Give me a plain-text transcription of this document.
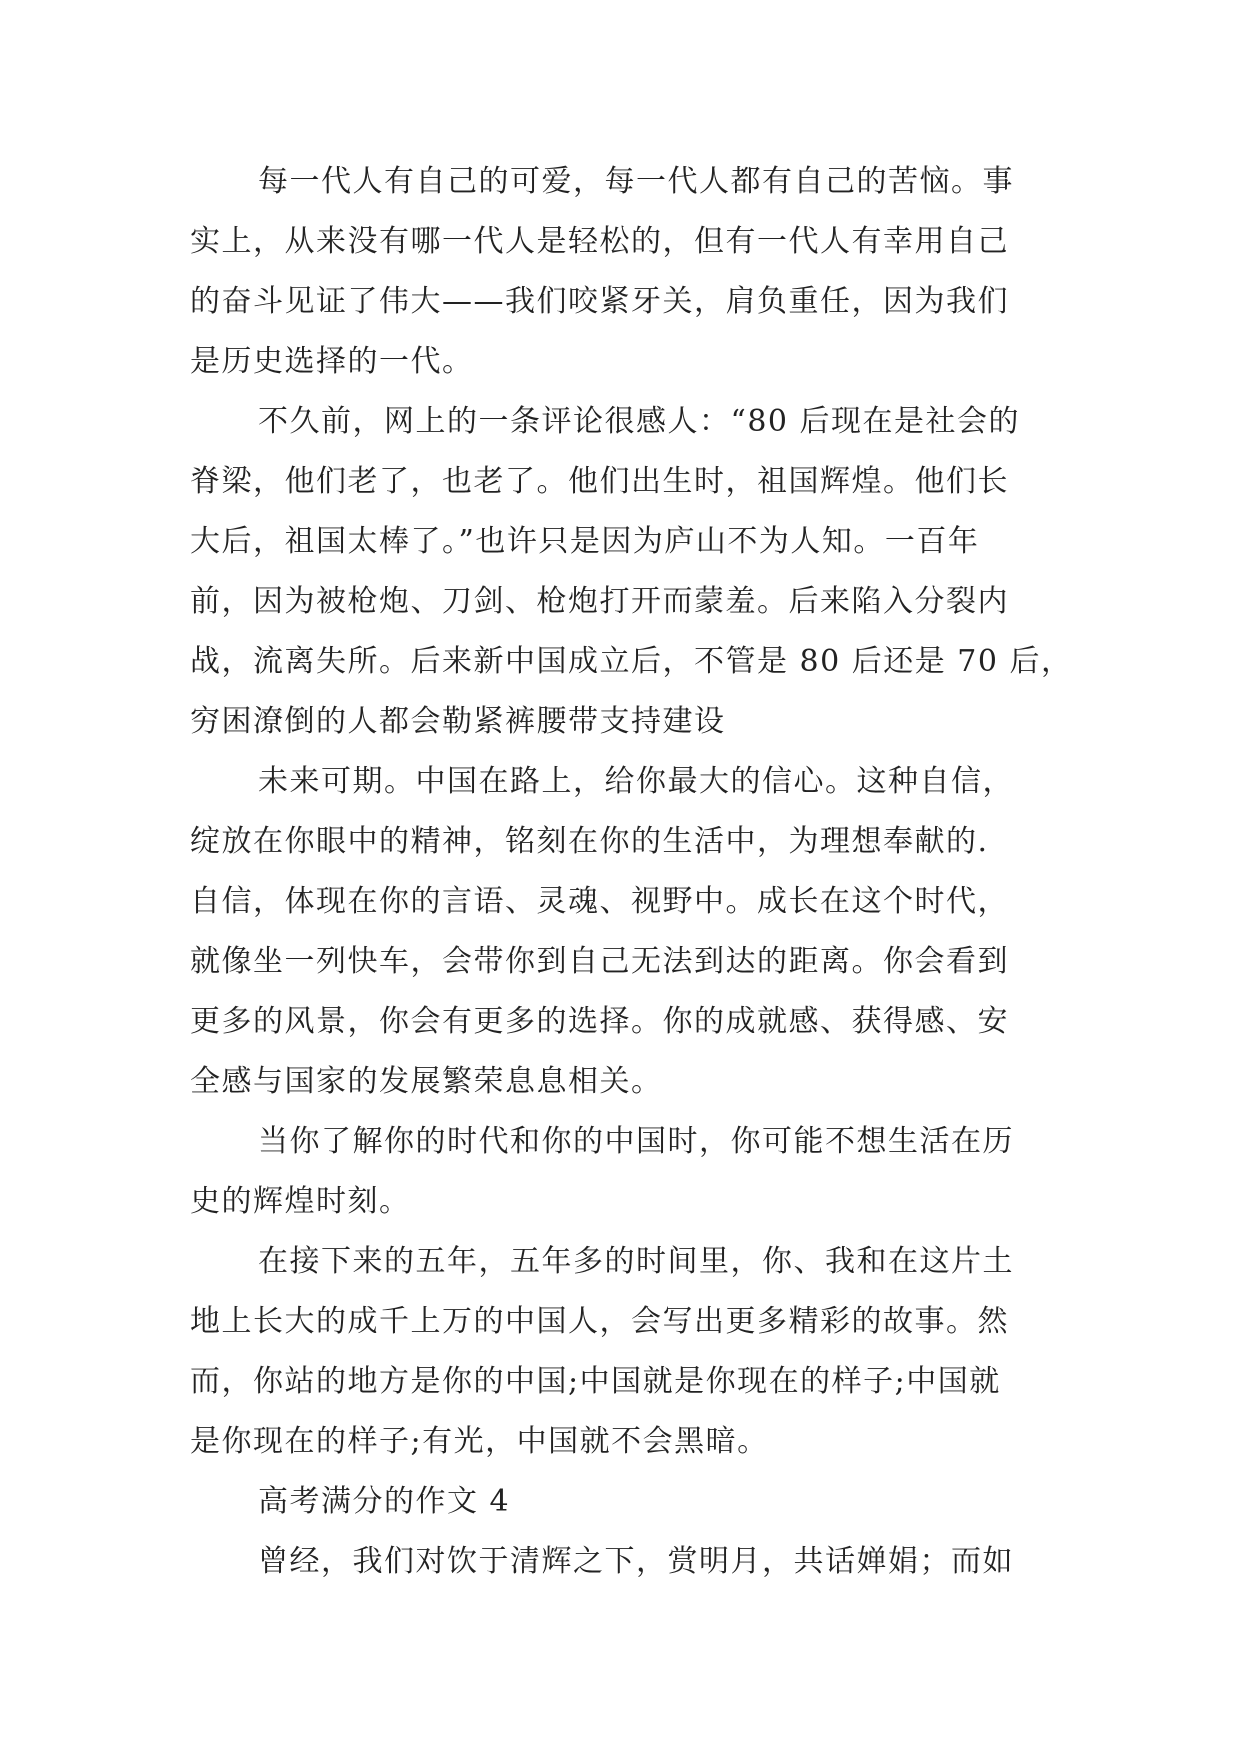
每一代人有自己的可爱，每一代人都有自己的苦恼。事
实上，从来没有哪一代人是轻松的，但有一代人有幸用自己
的奋斗见证了伟大——我们咬紧牙关，肩负重任，因为我们
是历史选择的一代。
不久前，网上的一条评论很感人：“80 后现在是社会的
脊梁，他们老了，也老了。他们出生时，祖国辉煌。他们长
大后，祖国太棒了。”也许只是因为庐山不为人知。一百年
前，因为被枪炮、刀剑、枪炮打开而蒙羞。后来陷入分裂内
战，流离失所。后来新中国成立后，不管是 80 后还是 70 后，
穷困潦倒的人都会勒紧裤腰带支持建设
未来可期。中国在路上，给你最大的信心。这种自信，
绽放在你眼中的精神，铭刻在你的生活中，为理想奉献的.
自信，体现在你的言语、灵魂、视野中。成长在这个时代，
就像坐一列快车，会带你到自己无法到达的距离。你会看到
更多的风景，你会有更多的选择。你的成就感、获得感、安
全感与国家的发展繁荣息息相关。
当你了解你的时代和你的中国时，你可能不想生活在历
史的辉煌时刻。
在接下来的五年，五年多的时间里，你、我和在这片土
地上长大的成千上万的中国人，会写出更多精彩的故事。然
而，你站的地方是你的中国;中国就是你现在的样子;中国就
是你现在的样子;有光，中国就不会黑暗。
高考满分的作文 4
曾经，我们对饮于清辉之下，赏明月，共话婵娟；而如
